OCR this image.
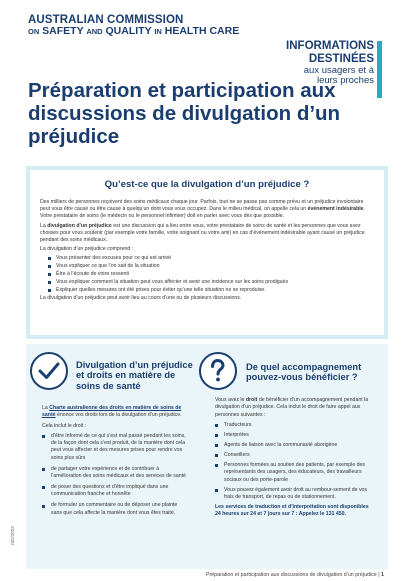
AUSTRALIAN COMMISSION
ON SAFETY AND QUALITY IN HEALTH CARE
INFORMATIONS
DESTINÉES
aux usagers et à
leurs proches
Préparation et participation aux discussions de divulgation d’un préjudice
Qu’est-ce que la divulgation d’un préjudice ?

Des milliers de personnes reçoivent des soins médicaux chaque jour. Parfois, tout ne se passe pas comme prévu et un préjudice involontaire peut vous être causé ou être causé à quelqu’un dont vous vous occupez. Dans le milieu médical, on appelle cela un événement indésirable. Votre prestataire de soins (le médecin ou le personnel infirmier) doit en parler avec vous dès que possible.

La divulgation d’un préjudice est une discussion qui a lieu entre vous, votre prestataire de soins de santé et les personnes que vous avez choisies pour vous soutenir (par exemple votre famille, votre soignant ou votre ami) en cas d’événement indésirable ayant causé un préjudice pendant des soins médicaux.

La divulgation d’un préjudice comprend :

Vous présenter des excuses pour ce qui est arrivé
Vous expliquer ce que l’on sait de la situation
Être à l’écoute de votre ressenti
Vous expliquer comment la situation peut vous affecter et avoir une incidence sur les soins prodigués
Expliquer quelles mesures ont été prises pour éviter qu’une telle situation ne se reproduise.

La divulgation d’un préjudice peut avoir lieu au cours d’une ou de plusieurs discussions.

Divulgation d’un préjudice et droits en matière de soins de santé
De quel accompagnement pouvez-vous bénéficier ?

La Charte australienne des droits en matière de soins de santé énonce vos droits lors de la divulgation d’un préjudice.

Cela inclut le droit :

d’être informé de ce qui s’est mal passé pendant les soins, de la façon dont cela s’est produit, de la manière dont cela peut vous affecter et des mesures prises pour rendre vos soins plus sûrs
de partager votre expérience et de contribuer à l’amélioration des soins médicaux et des services de santé
de poser des questions et d’être impliqué dans une communication franche et honnête
de formuler un commentaire ou de déposer une plainte sans que cela affecte la manière dont vous êtes traité.

Vous avez le droit de bénéficier d’un accompagnement pendant la divulgation d’un préjudice. Cela inclut le droit de faire appel aux personnes suivantes :

Traducteurs
Interprètes
Agents de liaison avec la communauté aborigène
Conseillers
Personnes formées au soutien des patients, par exemple des représentants des usagers, des éducateurs, des travailleurs sociaux ou des porte-parole
Vous pouvez également avoir droit au rembour-sement de vos frais de transport, de repas ou de stationnement.

Les services de traduction et d’interprétation sont disponibles 24 heures sur 24 et 7 jours sur 7 : Appelez le 131 450.

ISD/2023
Préparation et participation aux discussions de divulgation d’un préjudice | 1
